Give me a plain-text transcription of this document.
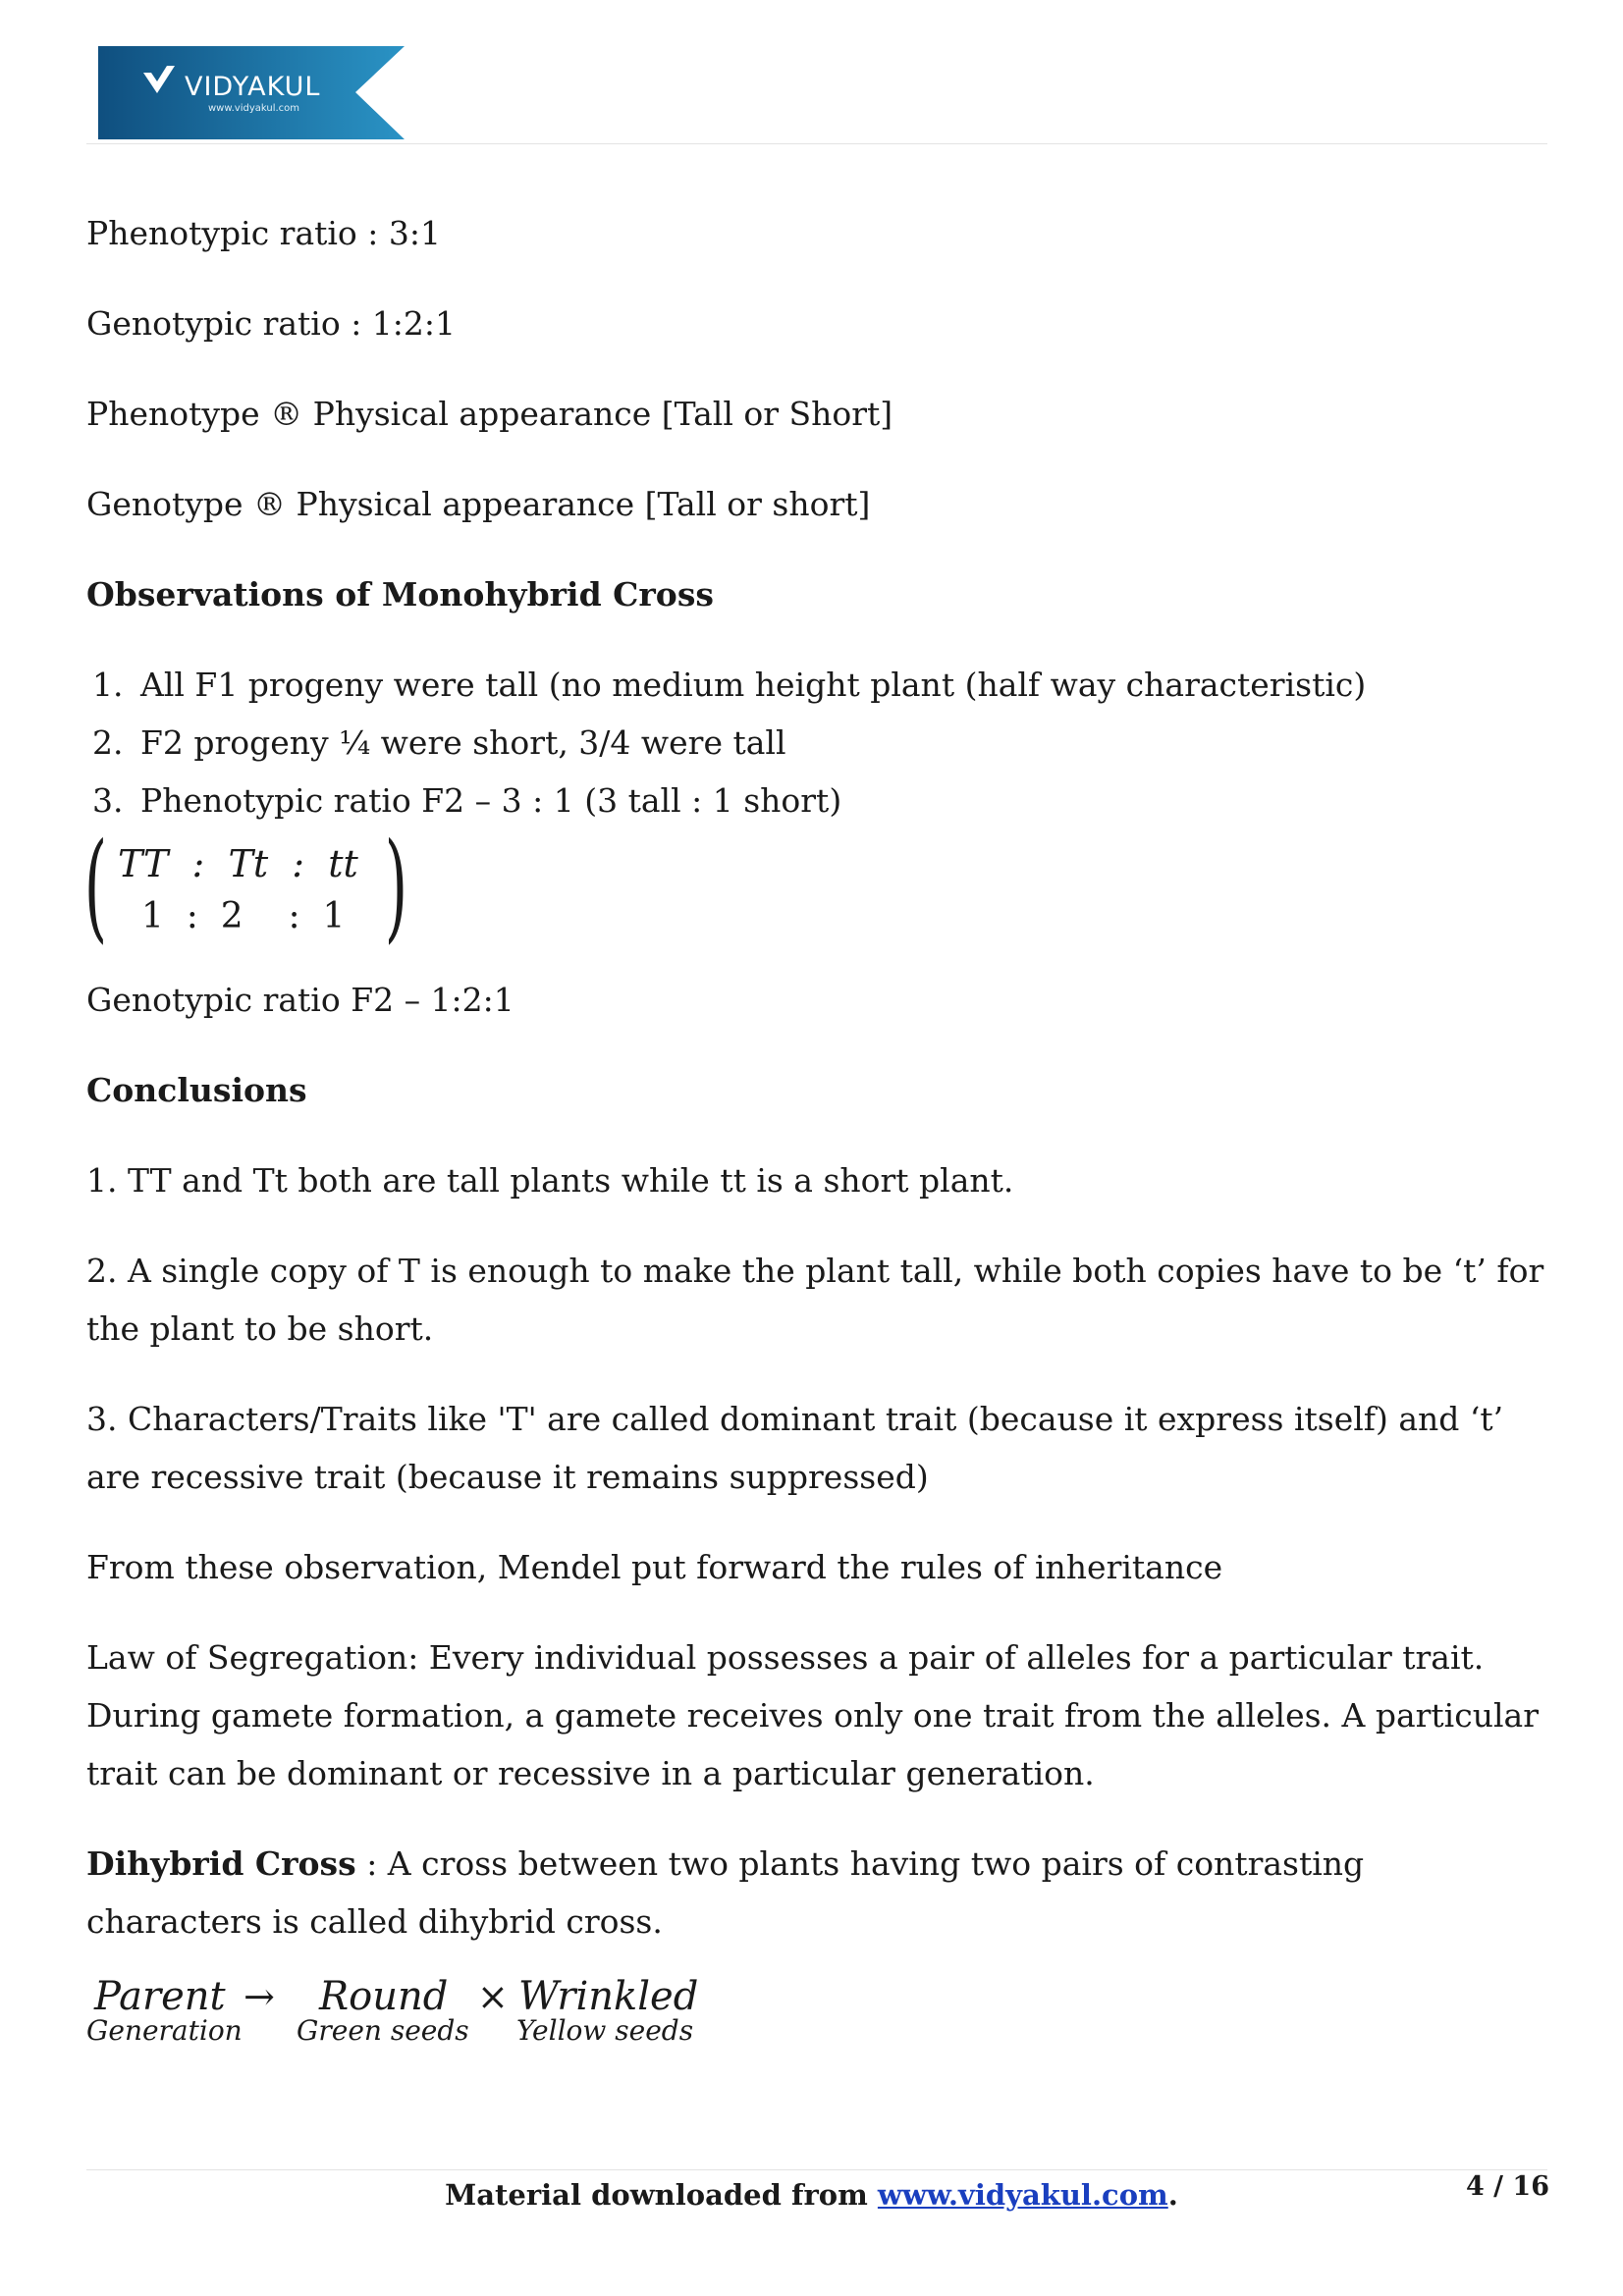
VIDYAKUL
www.vidyakul.com

Phenotypic ratio : 3:1

Genotypic ratio : 1:2:1

Phenotype ® Physical appearance [Tall or Short]

Genotype ® Physical appearance [Tall or short]

Observations of Monohybrid Cross

1. All F1 progeny were tall (no medium height plant (half way characteristic)
2. F2 progeny ¼ were short, 3/4 were tall
3. Phenotypic ratio F2 – 3 : 1 (3 tall : 1 short)
( TT  :  Tt  :  tt
1  :  2    :  1 )

Genotypic ratio F2 – 1:2:1

Conclusions

1. TT and Tt both are tall plants while tt is a short plant.

2. A single copy of T is enough to make the plant tall, while both copies have to be ‘t’ for the plant to be short.

3. Characters/Traits like 'T' are called dominant trait (because it express itself) and ‘t’ are recessive trait (because it remains suppressed)

From these observation, Mendel put forward the rules of inheritance

Law of Segregation: Every individual possesses a pair of alleles for a particular trait. During gamete formation, a gamete receives only one trait from the alleles. A particular trait can be dominant or recessive in a particular generation.

Dihybrid Cross : A cross between two plants having two pairs of contrasting characters is called dihybrid cross.

Parent
Generation
→ Round
Green seeds
× Wrinkled
Yellow seeds
Material downloaded from www.vidyakul.com.	4 / 16
